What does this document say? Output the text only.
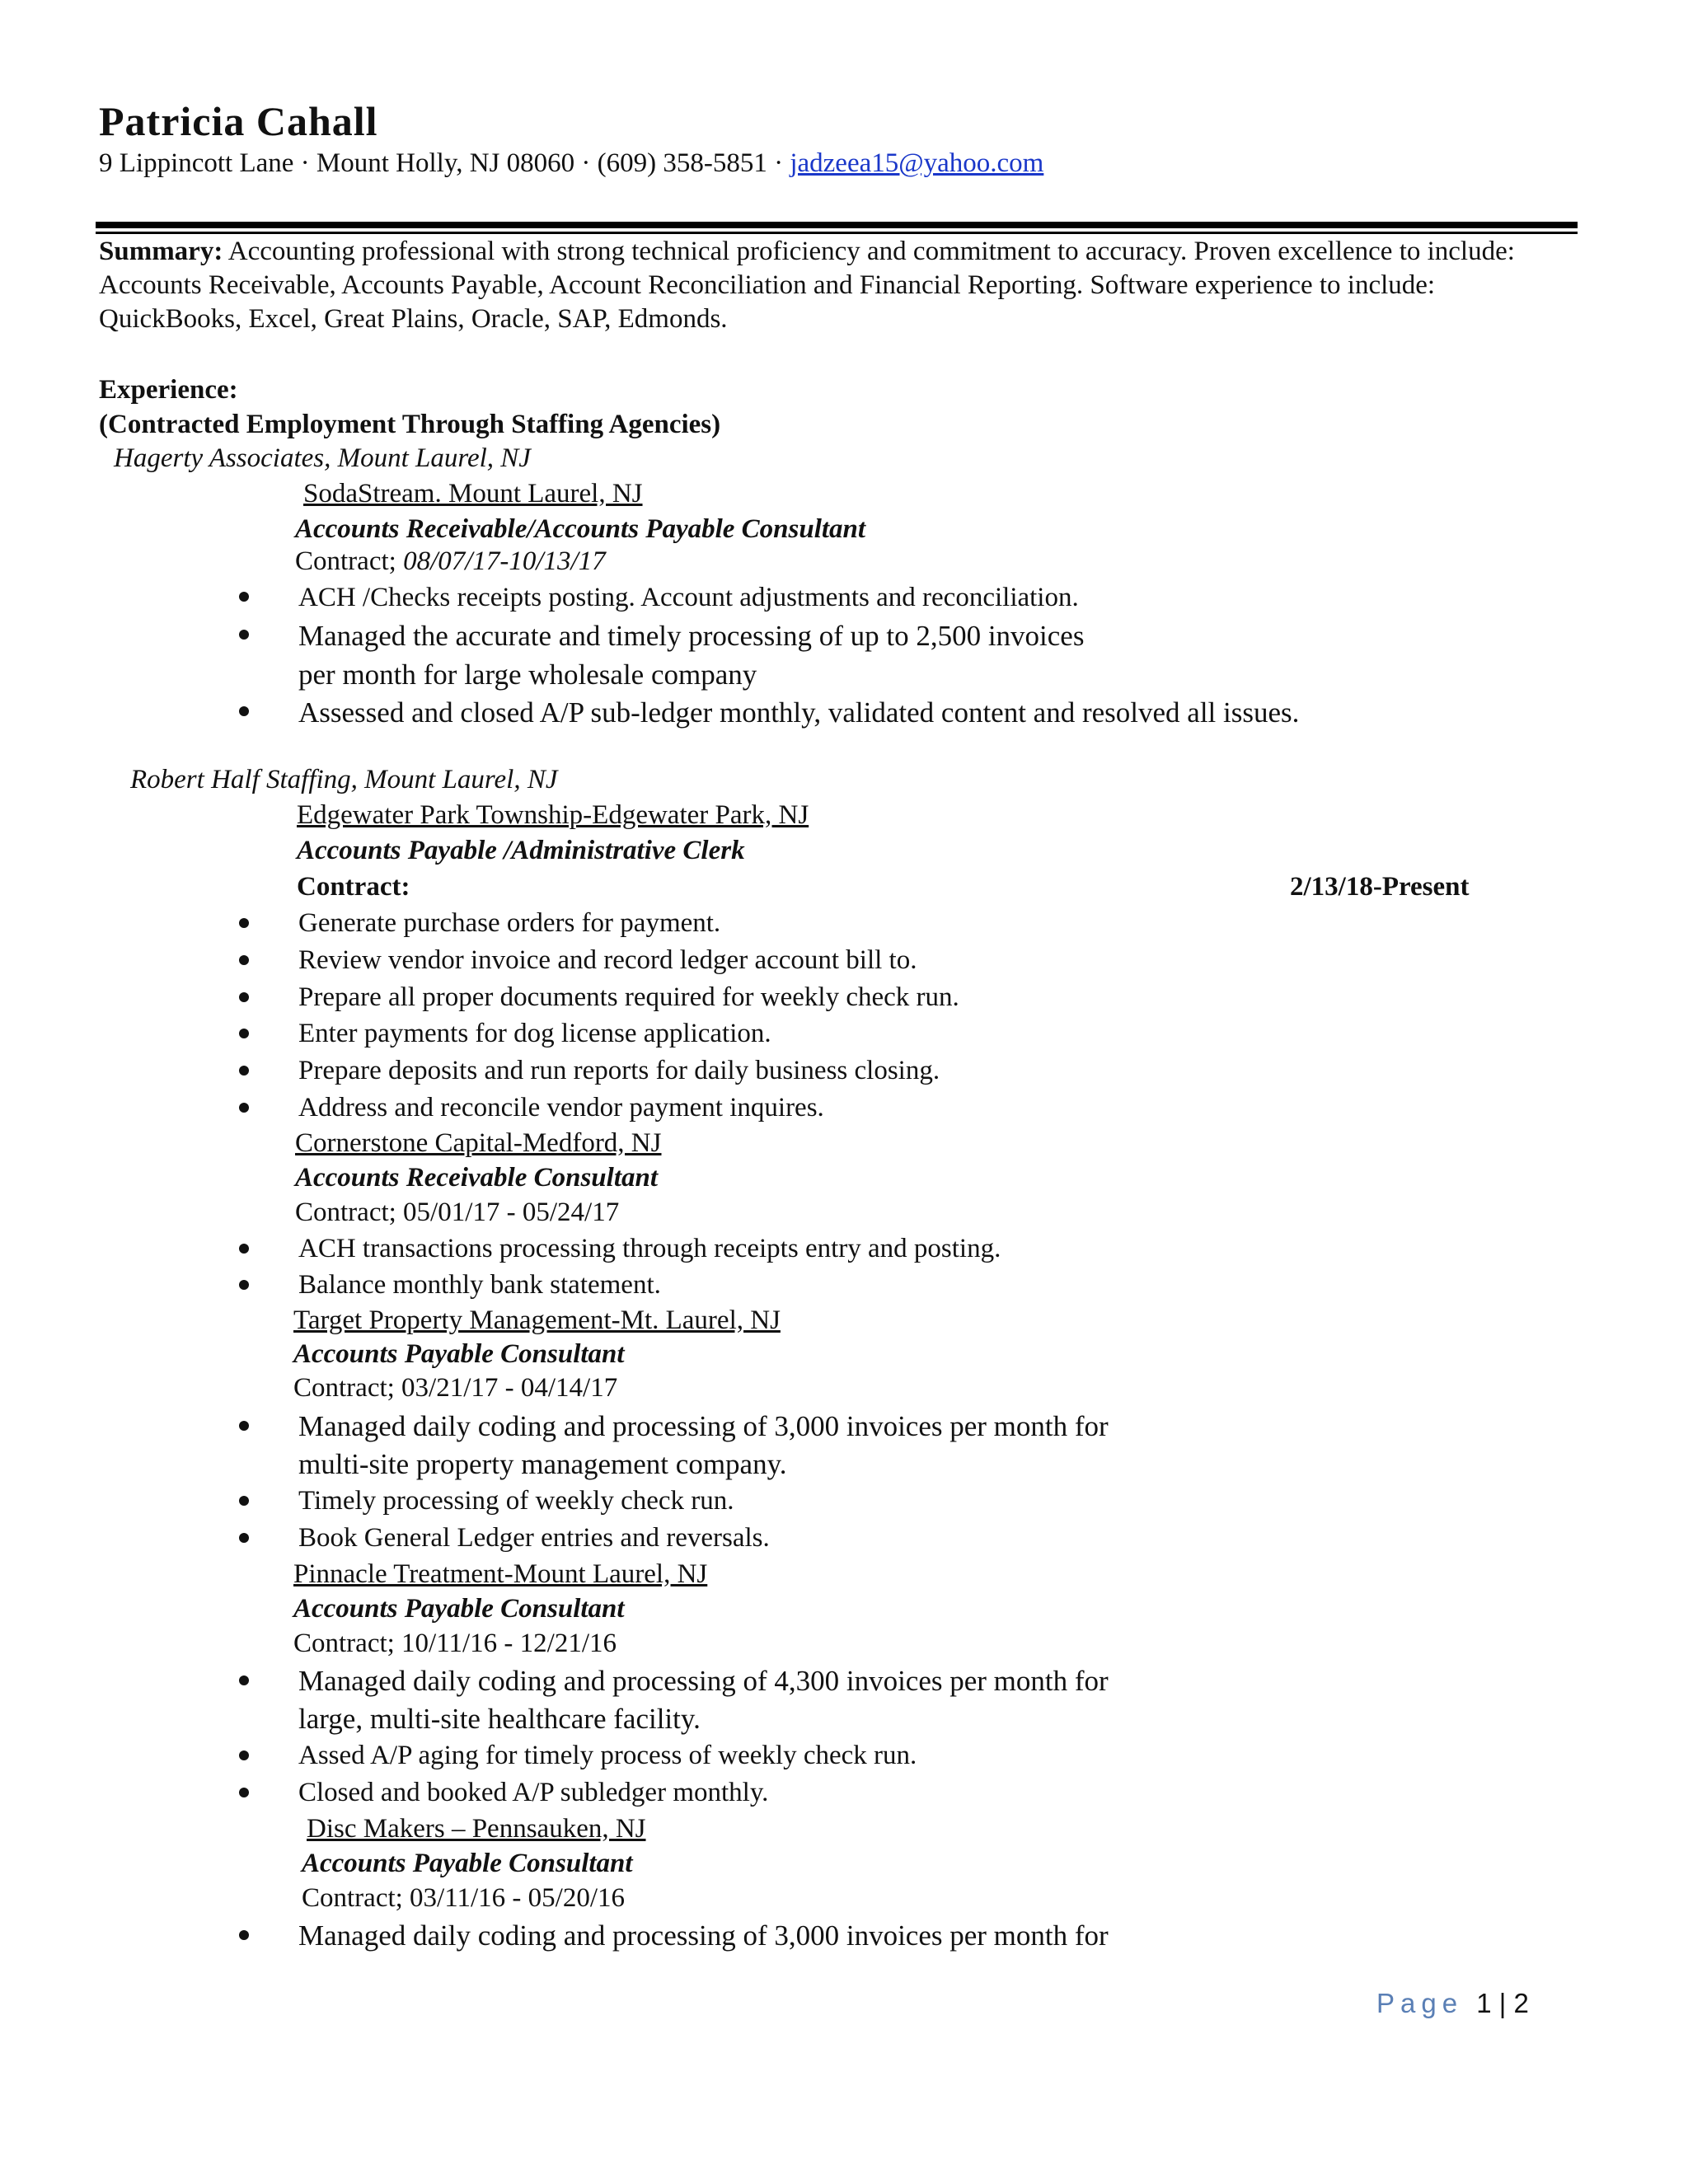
Patricia Cahall
9 Lippincott Lane · Mount Holly, NJ 08060 · (609) 358-5851 · jadzeea15@yahoo.com
Summary: Accounting professional with strong technical proficiency and commitment to accuracy. Proven excellence to include: Accounts Receivable, Accounts Payable, Account Reconciliation and Financial Reporting. Software experience to include: QuickBooks, Excel, Great Plains, Oracle, SAP, Edmonds.
Experience:
(Contracted Employment Through Staffing Agencies)
Hagerty Associates, Mount Laurel, NJ
SodaStream. Mount Laurel, NJ
Accounts Receivable/Accounts Payable Consultant
Contract; 08/07/17-10/13/17
ACH /Checks receipts posting. Account adjustments and reconciliation.
Managed the accurate and timely processing of up to 2,500 invoices
per month for large wholesale company
Assessed and closed A/P sub-ledger monthly, validated content and resolved all issues.
Robert Half Staffing, Mount Laurel, NJ
Edgewater Park Township-Edgewater Park, NJ
Accounts Payable /Administrative Clerk
Contract:	2/13/18-Present
Generate purchase orders for payment.
Review vendor invoice and record ledger account bill to.
Prepare all proper documents required for weekly check run.
Enter payments for dog license application.
Prepare deposits and run reports for daily business closing.
Address and reconcile vendor payment inquires.
Cornerstone Capital-Medford, NJ
Accounts Receivable Consultant
Contract; 05/01/17 - 05/24/17
ACH transactions processing through receipts entry and posting.
Balance monthly bank statement.
Target Property Management-Mt. Laurel, NJ
Accounts Payable Consultant
Contract; 03/21/17 - 04/14/17
Managed daily coding and processing of 3,000 invoices per month for
multi-site property management company.
Timely processing of weekly check run.
Book General Ledger entries and reversals.
Pinnacle Treatment-Mount Laurel, NJ
Accounts Payable Consultant
Contract; 10/11/16 - 12/21/16
Managed daily coding and processing of 4,300 invoices per month for
large, multi-site healthcare facility.
Assed A/P aging for timely process of weekly check run.
Closed and booked A/P subledger monthly.
Disc Makers – Pennsauken, NJ
Accounts Payable Consultant
Contract; 03/11/16 - 05/20/16
Managed daily coding and processing of 3,000 invoices per month for
Page 1 | 2
